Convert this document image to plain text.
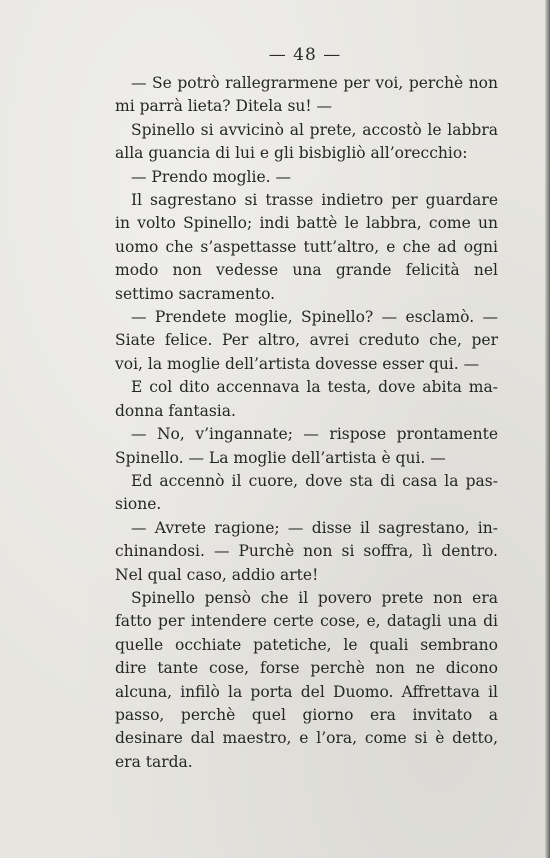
— 48 —

— Se potrò rallegrarmene per voi, perchè non mi parrà lieta? Ditela su! —

Spinello si avvicinò al prete, accostò le labbra alla guancia di lui e gli bisbigliò all’orecchio:

— Prendo moglie. —

Il sagrestano si trasse indietro per guardare in volto Spinello; indi battè le labbra, come un uomo che s’aspettasse tutt’altro, e che ad ogni modo non vedesse una grande felicità nel settimo sacramento.

— Prendete moglie, Spinello? — esclamò. — Siate felice. Per altro, avrei creduto che, per voi, la moglie dell’artista dovesse esser qui. —

E col dito accennava la testa, dove abita madonna fantasia.

— No, v’ingannate; — rispose prontamente Spinello. — La moglie dell’artista è qui. —

Ed accennò il cuore, dove sta di casa la passione.

— Avrete ragione; — disse il sagrestano, inchinandosi. — Purchè non si soffra, lì dentro. Nel qual caso, addio arte!

Spinello pensò che il povero prete non era fatto per intendere certe cose, e, datagli una di quelle occhiate patetiche, le quali sembrano dire tante cose, forse perchè non ne dicono alcuna, infilò la porta del Duomo. Affrettava il passo, perchè quel giorno era invitato a desinare dal maestro, e l’ora, come si è detto, era tarda.
